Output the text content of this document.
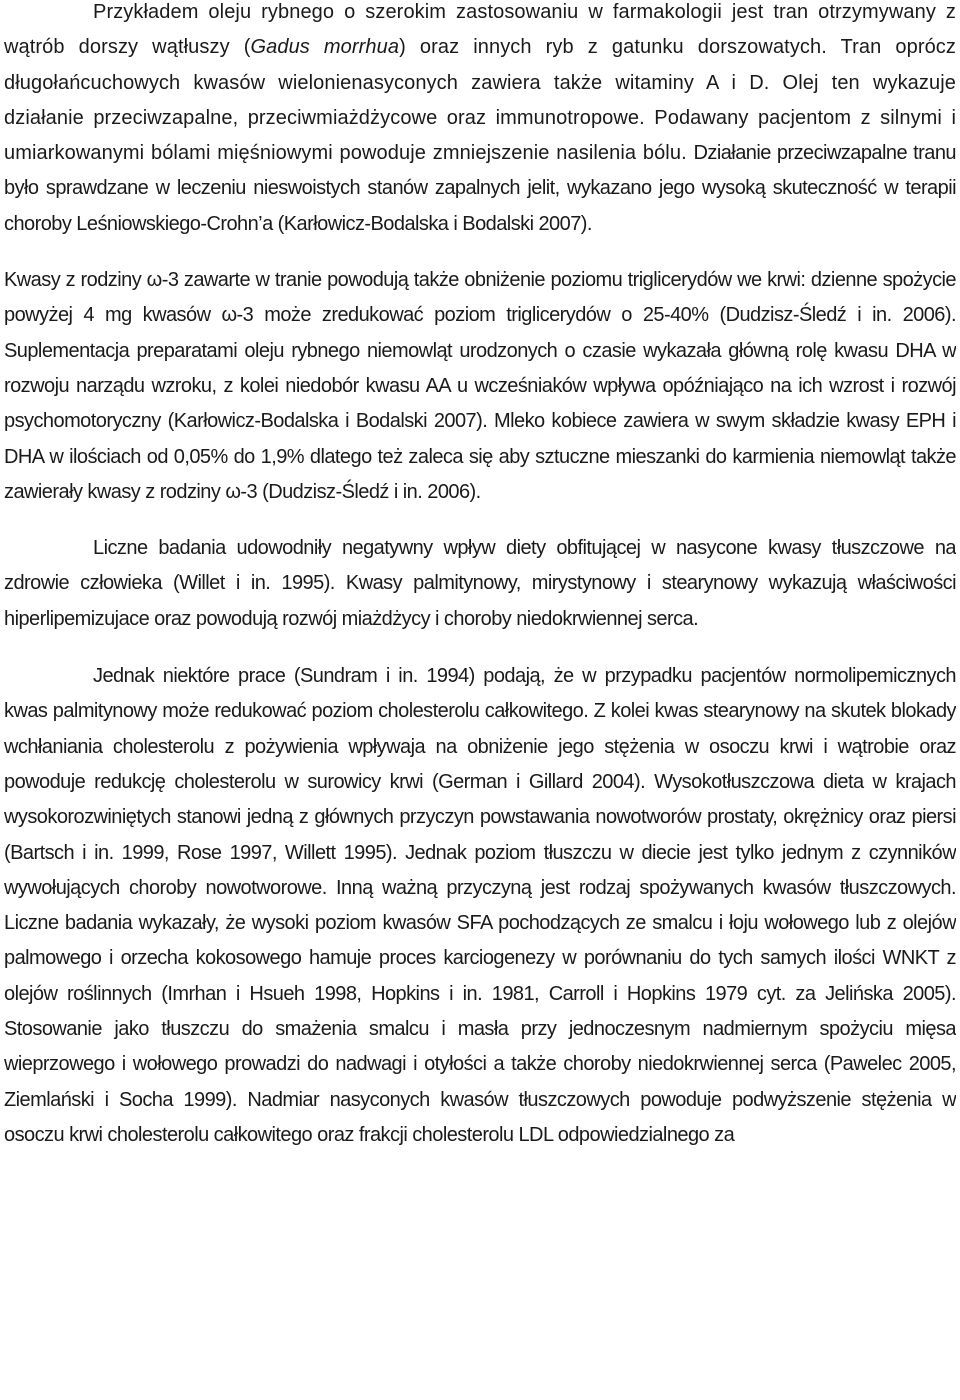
Przykładem oleju rybnego o szerokim zastosowaniu w farmakologii jest tran otrzymywany z wątrób dorszy wątłuszy (Gadus morrhua) oraz innych ryb z gatunku dorszowatych. Tran oprócz długołańcuchowych kwasów wielonienasyconych zawiera także witaminy A i D. Olej ten wykazuje działanie przeciwzapalne, przeciwmiażdżycowe oraz immunotropowe. Podawany pacjentom z silnymi i umiarkowanymi bólami mięśniowymi powoduje zmniejszenie nasilenia bólu. Działanie przeciwzapalne tranu było sprawdzane w leczeniu nieswoistych stanów zapalnych jelit, wykazano jego wysoką skuteczność w terapii choroby Leśniowskiego-Crohn’a (Karłowicz-Bodalska i Bodalski 2007).

Kwasy z rodziny ω-3 zawarte w tranie powodują także obniżenie poziomu triglicerydów we krwi: dzienne spożycie powyżej 4 mg kwasów ω-3 może zredukować poziom triglicerydów o 25-40% (Dudzisz-Śledź i in. 2006). Suplementacja preparatami oleju rybnego niemowląt urodzonych o czasie wykazała główną rolę kwasu DHA w rozwoju narządu wzroku, z kolei niedobór kwasu AA u wcześniaków wpływa opóźniająco na ich wzrost i rozwój psychomotoryczny (Karłowicz-Bodalska i Bodalski 2007). Mleko kobiece zawiera w swym składzie kwasy EPH i DHA w ilościach od 0,05% do 1,9% dlatego też zaleca się aby sztuczne mieszanki do karmienia niemowląt także zawierały kwasy z rodziny ω-3 (Dudzisz-Śledź i in. 2006).

Liczne badania udowodniły negatywny wpływ diety obfitującej w nasycone kwasy tłuszczowe na zdrowie człowieka (Willet i in. 1995). Kwasy palmitynowy, mirystynowy i stearynowy wykazują właściwości hiperlipemizujace oraz powodują rozwój miażdżycy i choroby niedokrwiennej serca.

Jednak niektóre prace (Sundram i in. 1994) podają, że w przypadku pacjentów normolipemicznych kwas palmitynowy może redukować poziom cholesterolu całkowitego. Z kolei kwas stearynowy na skutek blokady wchłaniania cholesterolu z pożywienia wpływaja na obniżenie jego stężenia w osoczu krwi i wątrobie oraz powoduje redukcję cholesterolu w surowicy krwi (German i Gillard 2004). Wysokotłuszczowa dieta w krajach wysokorozwiniętych stanowi jedną z głównych przyczyn powstawania nowotworów prostaty, okrężnicy oraz piersi (Bartsch i in. 1999, Rose 1997, Willett 1995). Jednak poziom tłuszczu w diecie jest tylko jednym z czynników wywołujących choroby nowotworowe. Inną ważną przyczyną jest rodzaj spożywanych kwasów tłuszczowych. Liczne badania wykazały, że wysoki poziom kwasów SFA pochodzących ze smalcu i łoju wołowego lub z olejów palmowego i orzecha kokosowego hamuje proces karciogenezy w porównaniu do tych samych ilości WNKT z olejów roślinnych (Imrhan i Hsueh 1998, Hopkins i in. 1981, Carroll i Hopkins 1979 cyt. za Jelińska 2005). Stosowanie jako tłuszczu do smażenia smalcu i masła przy jednoczesnym nadmiernym spożyciu mięsa wieprzowego i wołowego prowadzi do nadwagi i otyłości a także choroby niedokrwiennej serca (Pawelec 2005, Ziemlański i Socha 1999). Nadmiar nasyconych kwasów tłuszczowych powoduje podwyższenie stężenia w osoczu krwi cholesterolu całkowitego oraz frakcji cholesterolu LDL odpowiedzialnego za
